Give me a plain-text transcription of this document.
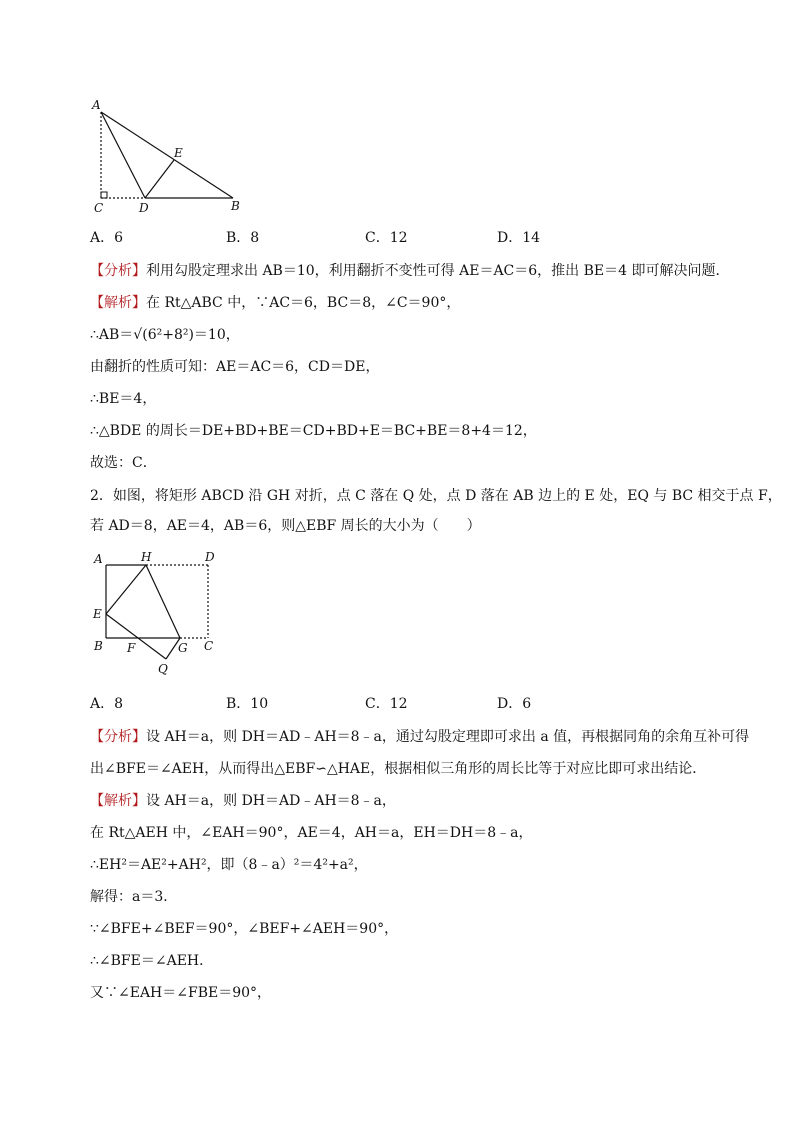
A
E
C	D	B
A．6	B．8	C．12	D．14
【分析】利用勾股定理求出 AB＝10，利用翻折不变性可得 AE＝AC＝6，推出 BE＝4 即可解决问题．
【解析】在 Rt△ABC 中，∵AC＝6，BC＝8，∠C＝90°，
∴AB＝√(6²+8²)＝10，
由翻折的性质可知：AE＝AC＝6，CD＝DE，
∴BE＝4，
∴△BDE 的周长＝DE+BD+BE＝CD+BD+E＝BC+BE＝8+4＝12，
故选：C．
2．如图，将矩形 ABCD 沿 GH 对折，点 C 落在 Q 处，点 D 落在 AB 边上的 E 处，EQ 与 BC 相交于点 F，
若 AD＝8，AE＝4，AB＝6，则△EBF 周长的大小为（　　）
A	H	D
E
B F	G C
Q
A．8	B．10	C．12	D．6
【分析】设 AH＝a，则 DH＝AD﹣AH＝8﹣a，通过勾股定理即可求出 a 值，再根据同角的余角互补可得
出∠BFE＝∠AEH，从而得出△EBF∽△HAE，根据相似三角形的周长比等于对应比即可求出结论．
【解析】设 AH＝a，则 DH＝AD﹣AH＝8﹣a，
在 Rt△AEH 中，∠EAH＝90°，AE＝4，AH＝a，EH＝DH＝8﹣a，
∴EH²＝AE²+AH²，即（8﹣a）²＝4²+a²，
解得：a＝3．
∵∠BFE+∠BEF＝90°，∠BEF+∠AEH＝90°，
∴∠BFE＝∠AEH．
又∵∠EAH＝∠FBE＝90°，
